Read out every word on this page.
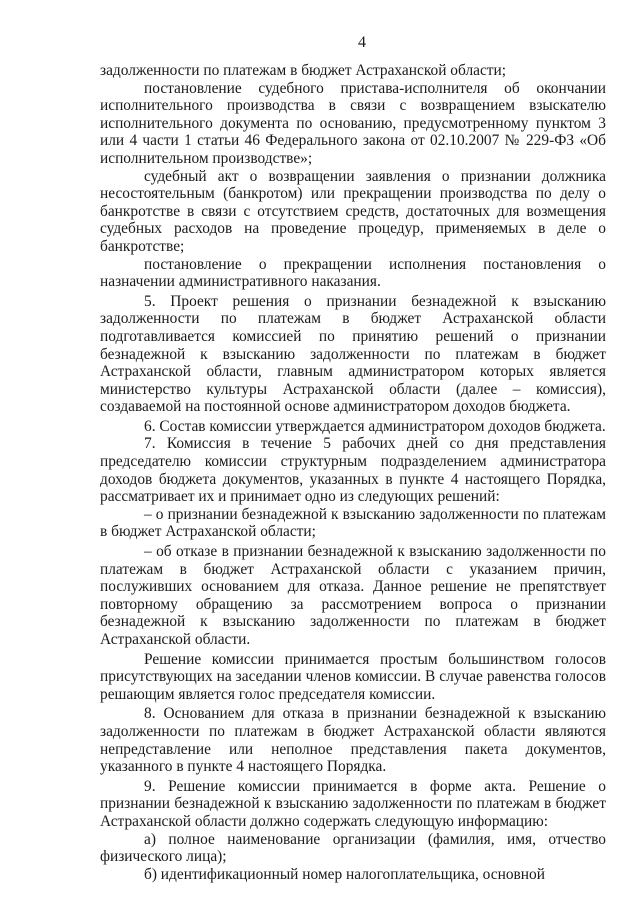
4

задолженности по платежам в бюджет Астраханской области;

постановление судебного пристава-исполнителя об окончании исполнительного производства в связи с возвращением взыскателю исполнительного документа по основанию, предусмотренному пунктом 3 или 4 части 1 статьи 46 Федерального закона от 02.10.2007 № 229-ФЗ «Об исполнительном производстве»;

судебный акт о возвращении заявления о признании должника несостоятельным (банкротом) или прекращении производства по делу о банкротстве в связи с отсутствием средств, достаточных для возмещения судебных расходов на проведение процедур, применяемых в деле о банкротстве;

постановление о прекращении исполнения постановления о назначении административного наказания.

5. Проект решения о признании безнадежной к взысканию задолженности по платежам в бюджет Астраханской области подготавливается комиссией по принятию решений о признании безнадежной к взысканию задолженности по платежам в бюджет Астраханской области, главным администратором которых является министерство культуры Астраханской области (далее – комиссия), создаваемой на постоянной основе администратором доходов бюджета.

6. Состав комиссии утверждается администратором доходов бюджета.

7. Комиссия в течение 5 рабочих дней со дня представления председателю комиссии структурным подразделением администратора доходов бюджета документов, указанных в пункте 4 настоящего Порядка, рассматривает их и принимает одно из следующих решений:

– о признании безнадежной к взысканию задолженности по платежам в бюджет Астраханской области;

– об отказе в признании безнадежной к взысканию задолженности по платежам в бюджет Астраханской области с указанием причин, послуживших основанием для отказа. Данное решение не препятствует повторному обращению за рассмотрением вопроса о признании безнадежной к взысканию задолженности по платежам в бюджет Астраханской области.

Решение комиссии принимается простым большинством голосов присутствующих на заседании членов комиссии. В случае равенства голосов решающим является голос председателя комиссии.

8. Основанием для отказа в признании безнадежной к взысканию задолженности по платежам в бюджет Астраханской области являются непредставление или неполное представления пакета документов, указанного в пункте 4 настоящего Порядка.

9. Решение комиссии принимается в форме акта. Решение о признании безнадежной к взысканию задолженности по платежам в бюджет Астраханской области должно содержать следующую информацию:

а) полное наименование организации (фамилия, имя, отчество физического лица);

б) идентификационный номер налогоплательщика, основной
